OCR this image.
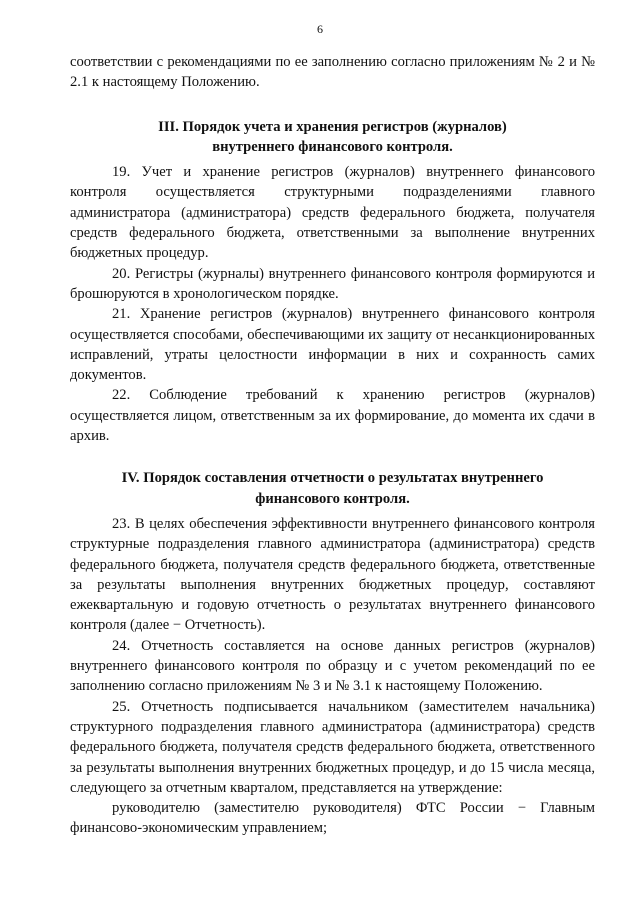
6

соответствии с рекомендациями по ее заполнению согласно приложениям № 2 и № 2.1 к настоящему Положению.

III. Порядок учета и хранения регистров (журналов)
внутреннего финансового контроля.

19. Учет и хранение регистров (журналов) внутреннего финансового контроля осуществляется структурными подразделениями главного администратора (администратора) средств федерального бюджета, получателя средств федерального бюджета, ответственными за выполнение внутренних бюджетных процедур.

20. Регистры (журналы) внутреннего финансового контроля формируются и брошюруются в хронологическом порядке.

21. Хранение регистров (журналов) внутреннего финансового контроля осуществляется способами, обеспечивающими их защиту от несанкционированных исправлений, утраты целостности информации в них и сохранность самих документов.

22. Соблюдение требований к хранению регистров (журналов) осуществляется лицом, ответственным за их формирование, до момента их сдачи в архив.

IV. Порядок составления отчетности о результатах внутреннего
финансового контроля.

23. В целях обеспечения эффективности внутреннего финансового контроля структурные подразделения главного администратора (администратора) средств федерального бюджета, получателя средств федерального бюджета, ответственные за результаты выполнения внутренних бюджетных процедур, составляют ежеквартальную и годовую отчетность о результатах внутреннего финансового контроля (далее − Отчетность).

24. Отчетность составляется на основе данных регистров (журналов) внутреннего финансового контроля по образцу и с учетом рекомендаций по ее заполнению согласно приложениям № 3 и № 3.1 к настоящему Положению.

25. Отчетность подписывается начальником (заместителем начальника) структурного подразделения главного администратора (администратора) средств федерального бюджета, получателя средств федерального бюджета, ответственного за результаты выполнения внутренних бюджетных процедур, и до 15 числа месяца, следующего за отчетным кварталом, представляется на утверждение:

руководителю (заместителю руководителя) ФТС России − Главным финансово-экономическим управлением;
